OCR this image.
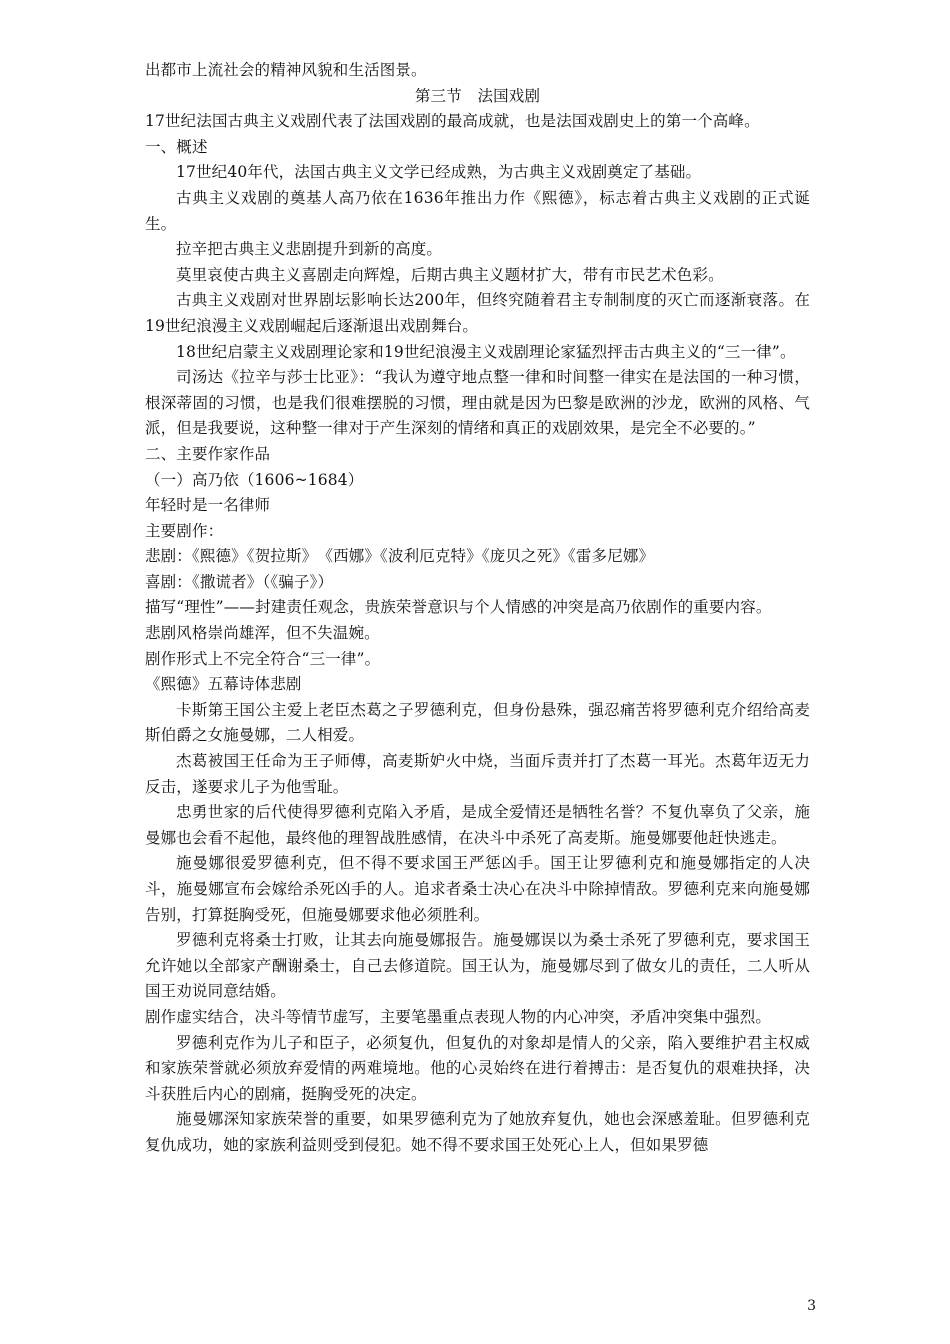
出都市上流社会的精神风貌和生活图景。
第三节　法国戏剧
17世纪法国古典主义戏剧代表了法国戏剧的最高成就，也是法国戏剧史上的第一个高峰。
一、概述
17世纪40年代，法国古典主义文学已经成熟，为古典主义戏剧奠定了基础。
古典主义戏剧的奠基人高乃依在1636年推出力作《熙德》，标志着古典主义戏剧的正式诞生。
拉辛把古典主义悲剧提升到新的高度。
莫里哀使古典主义喜剧走向辉煌，后期古典主义题材扩大，带有市民艺术色彩。
古典主义戏剧对世界剧坛影响长达200年，但终究随着君主专制制度的灭亡而逐渐衰落。在19世纪浪漫主义戏剧崛起后逐渐退出戏剧舞台。
18世纪启蒙主义戏剧理论家和19世纪浪漫主义戏剧理论家猛烈抨击古典主义的“三一律”。
司汤达《拉辛与莎士比亚》：“我认为遵守地点整一律和时间整一律实在是法国的一种习惯，根深蒂固的习惯，也是我们很难摆脱的习惯，理由就是因为巴黎是欧洲的沙龙，欧洲的风格、气派，但是我要说，这种整一律对于产生深刻的情绪和真正的戏剧效果，是完全不必要的。”
二、主要作家作品
（一）高乃依（1606~1684）
年轻时是一名律师
主要剧作：
悲剧：《熙德》《贺拉斯》　《西娜》《波利厄克特》《庞贝之死》《雷多尼娜》
喜剧：《撒谎者》（《骗子》）
描写“理性”——封建责任观念，贵族荣誉意识与个人情感的冲突是高乃依剧作的重要内容。
悲剧风格崇尚雄浑，但不失温婉。
剧作形式上不完全符合“三一律”。
《熙德》五幕诗体悲剧
卡斯第王国公主爱上老臣杰葛之子罗德利克，但身份悬殊，强忍痛苦将罗德利克介绍给高麦斯伯爵之女施曼娜，二人相爱。
杰葛被国王任命为王子师傅，高麦斯妒火中烧，当面斥责并打了杰葛一耳光。杰葛年迈无力反击，遂要求儿子为他雪耻。
忠勇世家的后代使得罗德利克陷入矛盾，是成全爱情还是牺牲名誉？不复仇辜负了父亲，施曼娜也会看不起他，最终他的理智战胜感情，在决斗中杀死了高麦斯。施曼娜要他赶快逃走。
施曼娜很爱罗德利克，但不得不要求国王严惩凶手。国王让罗德利克和施曼娜指定的人决斗，施曼娜宣布会嫁给杀死凶手的人。追求者桑士决心在决斗中除掉情敌。罗德利克来向施曼娜告别，打算挺胸受死，但施曼娜要求他必须胜利。
罗德利克将桑士打败，让其去向施曼娜报告。施曼娜误以为桑士杀死了罗德利克，要求国王允许她以全部家产酬谢桑士，自己去修道院。国王认为，施曼娜尽到了做女儿的责任，二人听从国王劝说同意结婚。
剧作虚实结合，决斗等情节虚写，主要笔墨重点表现人物的内心冲突，矛盾冲突集中强烈。
罗德利克作为儿子和臣子，必须复仇，但复仇的对象却是情人的父亲，陷入要维护君主权威和家族荣誉就必须放弃爱情的两难境地。他的心灵始终在进行着搏击：是否复仇的艰难抉择，决斗获胜后内心的剧痛，挺胸受死的决定。
施曼娜深知家族荣誉的重要，如果罗德利克为了她放弃复仇，她也会深感羞耻。但罗德利克复仇成功，她的家族利益则受到侵犯。她不得不要求国王处死心上人，但如果罗德
3
